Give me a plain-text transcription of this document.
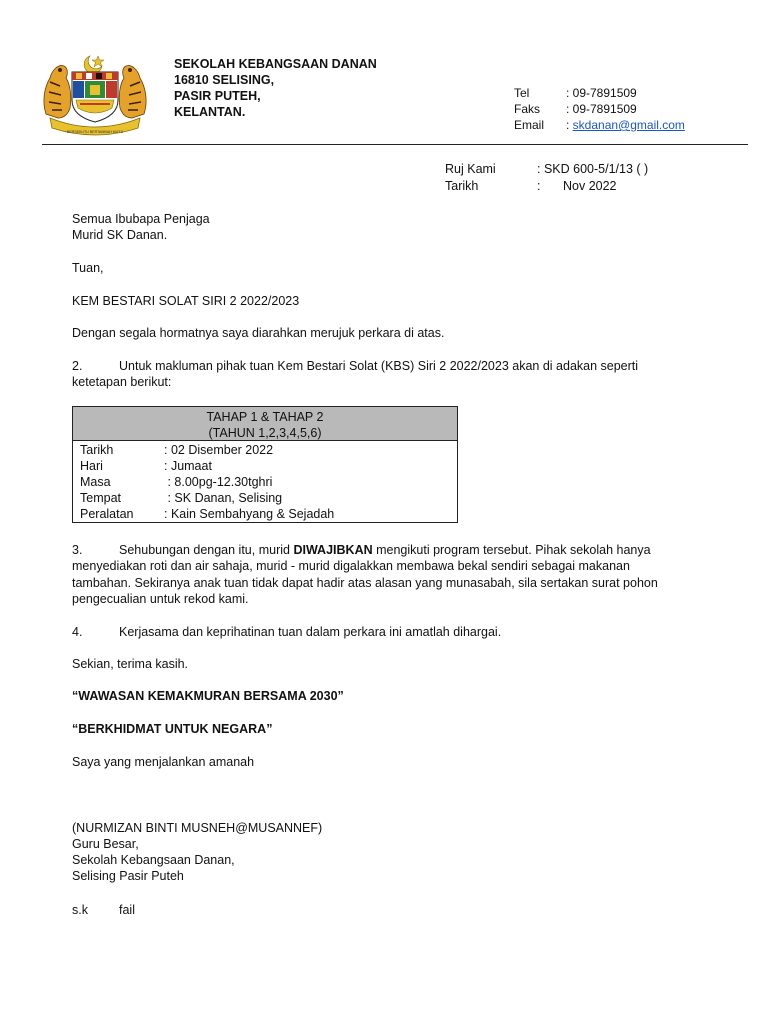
BERSEKUTU BERTAMBAH MUTU
SEKOLAH KEBANGSAAN DANAN
16810 SELISING,
PASIR PUTEH,
KELANTAN.
Tel	: 09-7891509
Faks : 09-7891509
Email : skdanan@gmail.com
Ruj Kami	: SKD 600-5/1/13 ( )
Tarikh	: Nov 2022
Semua Ibubapa Penjaga
Murid SK Danan.
Tuan,
KEM BESTARI SOLAT SIRI 2 2022/2023
Dengan segala hormatnya saya diarahkan merujuk perkara di atas.
2.	Untuk makluman pihak tuan Kem Bestari Solat (KBS) Siri 2 2022/2023 akan di adakan seperti
ketetapan berikut:
TAHAP 1 & TAHAP 2
(TAHUN 1,2,3,4,5,6)
Tarikh	: 02 Disember 2022
Hari	: Jumaat
Masa	: 8.00pg-12.30tghri
Tempat	: SK Danan, Selising
Peralatan : Kain Sembahyang & Sejadah
3.	Sehubungan dengan itu, murid DIWAJIBKAN mengikuti program tersebut. Pihak sekolah hanya
menyediakan roti dan air sahaja, murid - murid digalakkan membawa bekal sendiri sebagai makanan
tambahan. Sekiranya anak tuan tidak dapat hadir atas alasan yang munasabah, sila sertakan surat pohon
pengecualian untuk rekod kami.
4.	Kerjasama dan keprihatinan tuan dalam perkara ini amatlah dihargai.
Sekian, terima kasih.
“WAWASAN KEMAKMURAN BERSAMA 2030”
“BERKHIDMAT UNTUK NEGARA”
Saya yang menjalankan amanah
(NURMIZAN BINTI MUSNEH@MUSANNEF)
Guru Besar,
Sekolah Kebangsaan Danan,
Selising Pasir Puteh
s.k fail
